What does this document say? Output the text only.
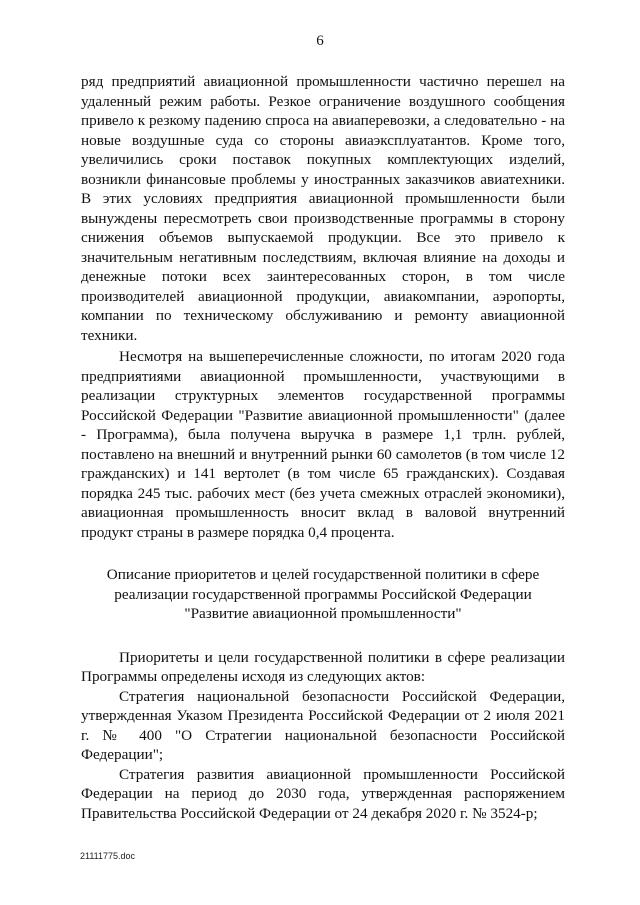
6

ряд предприятий авиационной промышленности частично перешел на удаленный режим работы. Резкое ограничение воздушного сообщения привело к резкому падению спроса на авиаперевозки, а следовательно - на новые воздушные суда со стороны авиаэксплуатантов. Кроме того, увеличились сроки поставок покупных комплектующих изделий, возникли финансовые проблемы у иностранных заказчиков авиатехники. В этих условиях предприятия авиационной промышленности были вынуждены пересмотреть свои производственные программы в сторону снижения объемов выпускаемой продукции. Все это привело к значительным негативным последствиям, включая влияние на доходы и денежные потоки всех заинтересованных сторон, в том числе производителей авиационной продукции, авиакомпании, аэропорты, компании по техническому обслуживанию и ремонту авиационной техники.

Несмотря на вышеперечисленные сложности, по итогам 2020 года предприятиями авиационной промышленности, участвующими в реализации структурных элементов государственной программы Российской Федерации "Развитие авиационной промышленности" (далее - Программа), была получена выручка в размере 1,1 трлн. рублей, поставлено на внешний и внутренний рынки 60 самолетов (в том числе 12 гражданских) и 141 вертолет (в том числе 65 гражданских). Создавая порядка 245 тыс. рабочих мест (без учета смежных отраслей экономики), авиационная промышленность вносит вклад в валовой внутренний продукт страны в размере порядка 0,4 процента.

Описание приоритетов и целей государственной политики в сфере
реализации государственной программы Российской Федерации
"Развитие авиационной промышленности"

Приоритеты и цели государственной политики в сфере реализации Программы определены исходя из следующих актов:

Стратегия национальной безопасности Российской Федерации, утвержденная Указом Президента Российской Федерации от 2 июля 2021 г. № 400 "О Стратегии национальной безопасности Российской Федерации";

Стратегия развития авиационной промышленности Российской Федерации на период до 2030 года, утвержденная распоряжением Правительства Российской Федерации от 24 декабря 2020 г. № 3524-р;

21111775.doc
